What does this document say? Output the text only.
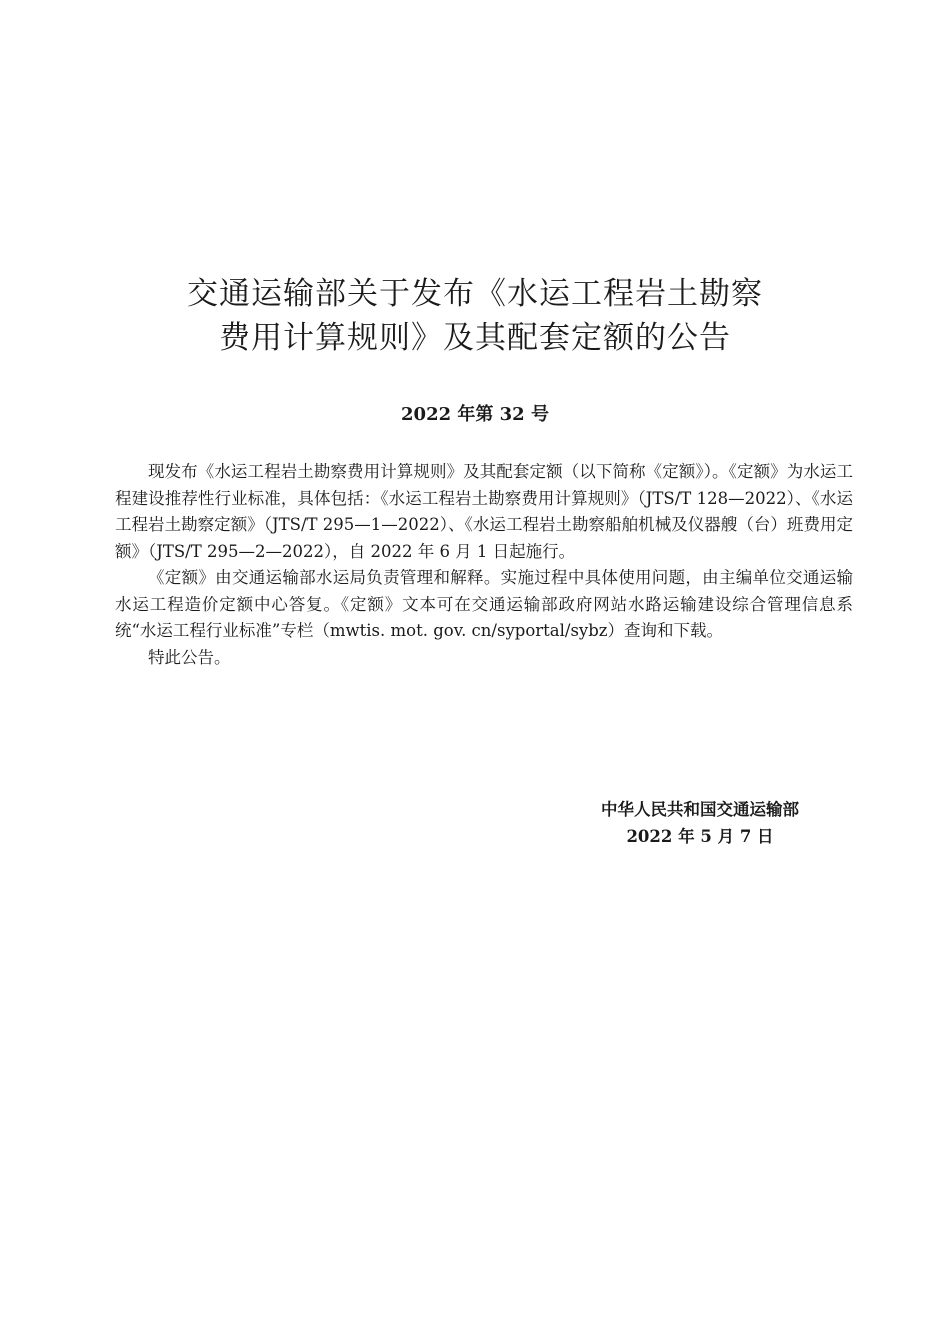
交通运输部关于发布《水运工程岩土勘察
费用计算规则》及其配套定额的公告
2022 年第 32 号

现发布《水运工程岩土勘察费用计算规则》及其配套定额（以下简称《定额》）。《定额》为水运工程建设推荐性行业标准，具体包括：《水运工程岩土勘察费用计算规则》（JTS/T 128—2022）、《水运工程岩土勘察定额》（JTS/T 295—1—2022）、《水运工程岩土勘察船舶机械及仪器艘（台）班费用定额》（JTS/T 295—2—2022），自 2022 年 6 月 1 日起施行。

《定额》由交通运输部水运局负责管理和解释。实施过程中具体使用问题，由主编单位交通运输水运工程造价定额中心答复。《定额》文本可在交通运输部政府网站水路运输建设综合管理信息系统“水运工程行业标准”专栏（mwtis. mot. gov. cn/syportal/sybz）查询和下载。

特此公告。

中华人民共和国交通运输部
2022 年 5 月 7 日
